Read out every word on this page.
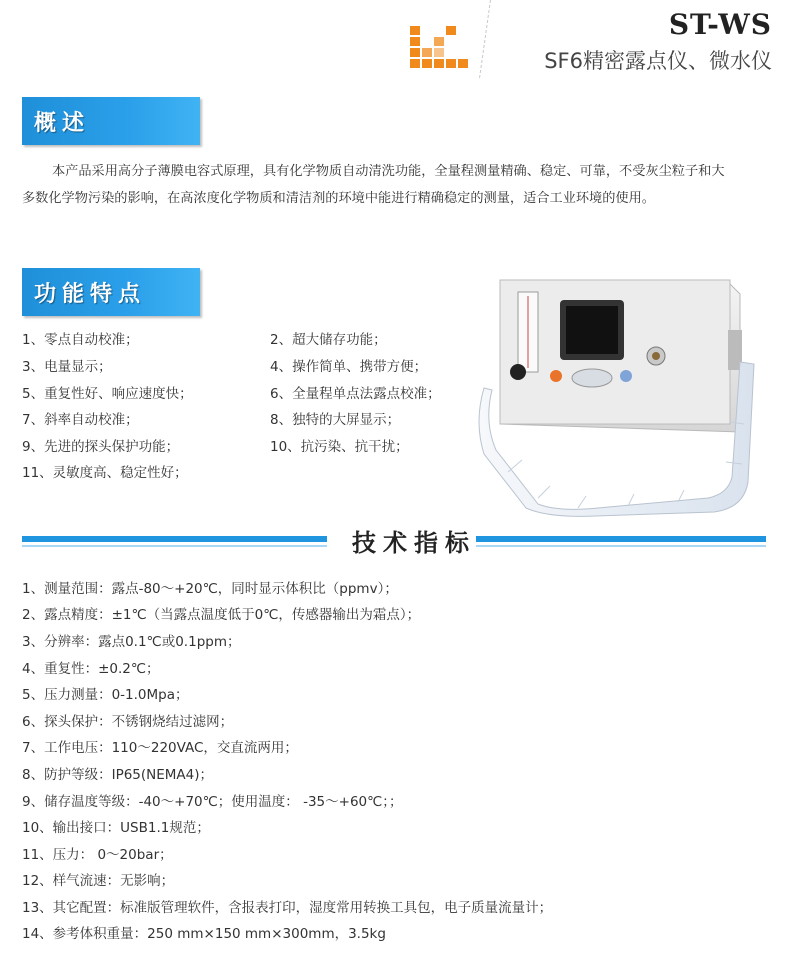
ST-WS
SF6精密露点仪、微水仪
概述

本产品采用高分子薄膜电容式原理，具有化学物质自动清洗功能，全量程测量精确、稳定、可靠，不受灰尘粒子和大

多数化学物污染的影响，在高浓度化学物质和清洁剂的环境中能进行精确稳定的测量，适合工业环境的使用。

功能特点
1、零点自动校准；
3、电量显示；
5、重复性好、响应速度快；
7、斜率自动校准；
9、先进的探头保护功能；
11、灵敏度高、稳定性好；
2、超大储存功能；
4、操作简单、携带方便；
6、全量程单点法露点校准；
8、独特的大屏显示；
10、抗污染、抗干扰；
技术指标
1、测量范围：露点-80～+20℃，同时显示体积比（ppmv）；
2、露点精度：±1℃（当露点温度低于0℃，传感器输出为霜点）；
3、分辨率：露点0.1℃或0.1ppm；
4、重复性：±0.2℃；
5、压力测量：0-1.0Mpa；
6、探头保护：不锈钢烧结过滤网；
7、工作电压：110～220VAC，交直流两用；
8、防护等级：IP65(NEMA4)；
9、储存温度等级：-40～+70℃；使用温度： -35～+60℃；；
10、输出接口：USB1.1规范；
11、压力： 0～20bar；
12、样气流速：无影响；
13、其它配置：标准版管理软件，含报表打印，湿度常用转换工具包，电子质量流量计；
14、参考体积重量：250 mm×150 mm×300mm，3.5kg
